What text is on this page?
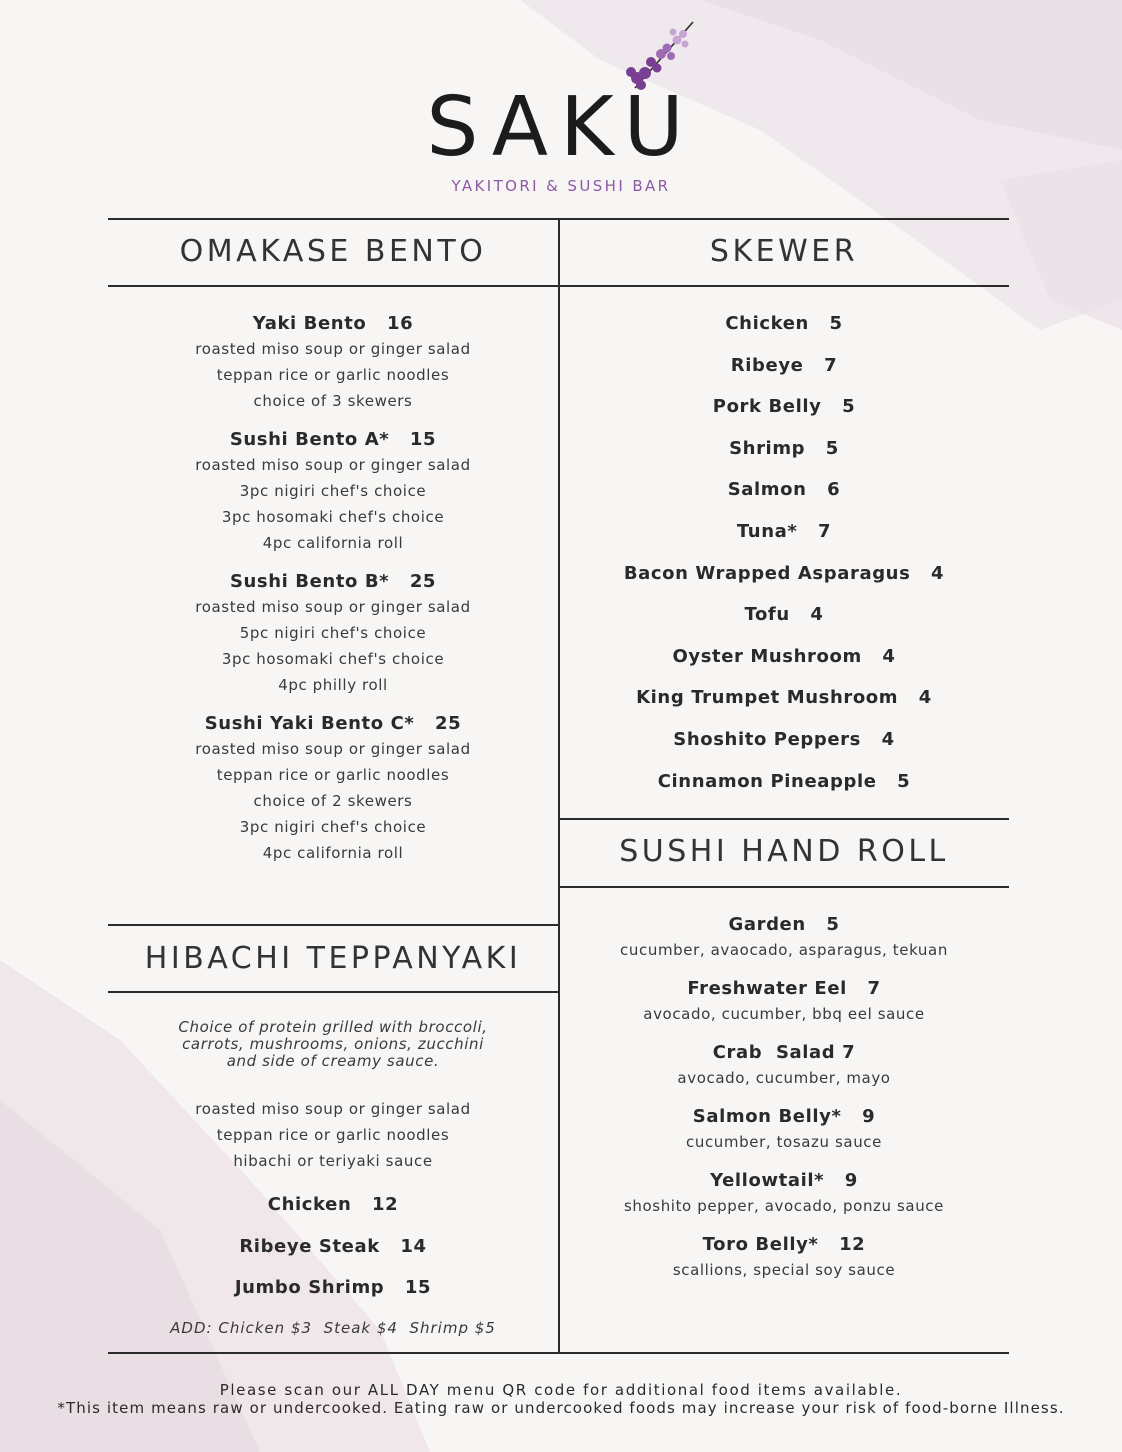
SAKU
YAKITORI & SUSHI BAR
OMAKASE BENTO	SKEWER
HIBACHI TEPPANYAKI
SUSHI HAND ROLL
Yaki Bento 16
roasted miso soup or ginger salad
teppan rice or garlic noodles
choice of 3 skewers
Sushi Bento A* 15
roasted miso soup or ginger salad
3pc nigiri chef's choice
3pc hosomaki chef's choice
4pc california roll
Sushi Bento B* 25
roasted miso soup or ginger salad
5pc nigiri chef's choice
3pc hosomaki chef's choice
4pc philly roll
Sushi Yaki Bento C* 25
roasted miso soup or ginger salad
teppan rice or garlic noodles
choice of 2 skewers
3pc nigiri chef's choice
4pc california roll
Choice of protein grilled with broccoli,
carrots, mushrooms, onions, zucchini
and side of creamy sauce.
roasted miso soup or ginger salad
teppan rice or garlic noodles
hibachi or teriyaki sauce
Chicken 12
Ribeye Steak 14
Jumbo Shrimp 15
ADD: Chicken $3  Steak $4  Shrimp $5
Chicken 5
Ribeye 7
Pork Belly 5
Shrimp 5
Salmon 6
Tuna* 7
Bacon Wrapped Asparagus 4
Tofu 4
Oyster Mushroom 4
King Trumpet Mushroom 4
Shoshito Peppers 4
Cinnamon Pineapple 5
Garden 5
cucumber, avaocado, asparagus, tekuan
Freshwater Eel 7
avocado, cucumber, bbq eel sauce
Crab  Salad 7
avocado, cucumber, mayo
Salmon Belly* 9
cucumber, tosazu sauce
Yellowtail* 9
shoshito pepper, avocado, ponzu sauce
Toro Belly* 12
scallions, special soy sauce
Please scan our ALL DAY menu QR code for additional food items available.
*This item means raw or undercooked. Eating raw or undercooked foods may increase your risk of food-borne Illness.
